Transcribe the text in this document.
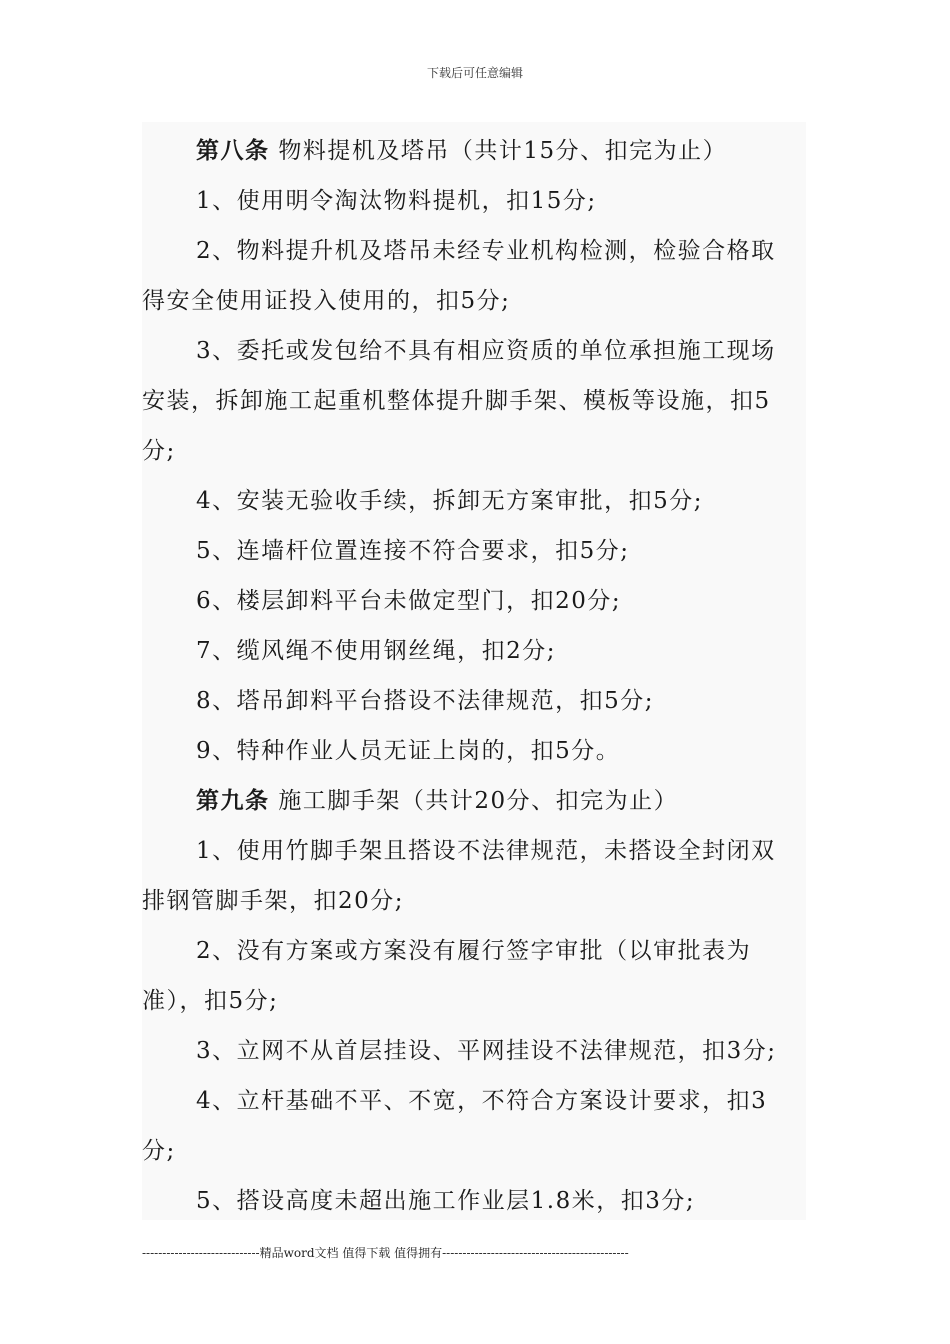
下载后可任意编辑
第八条 物料提机及塔吊（共计15分、扣完为止）
1、使用明令淘汰物料提机，扣15分;
2、物料提升机及塔吊未经专业机构检测，检验合格取
得安全使用证投入使用的，扣5分;
3、委托或发包给不具有相应资质的单位承担施工现场
安装，拆卸施工起重机整体提升脚手架、模板等设施，扣5
分;
4、安装无验收手续，拆卸无方案审批，扣5分;
5、连墙杆位置连接不符合要求，扣5分;
6、楼层卸料平台未做定型门，扣20分;
7、缆风绳不使用钢丝绳，扣2分;
8、塔吊卸料平台搭设不法律规范，扣5分;
9、特种作业人员无证上岗的，扣5分。
第九条 施工脚手架（共计20分、扣完为止）
1、使用竹脚手架且搭设不法律规范，未搭设全封闭双
排钢管脚手架，扣20分;
2、没有方案或方案没有履行签字审批（以审批表为
准），扣5分;
3、立网不从首层挂设、平网挂设不法律规范，扣3分;
4、立杆基础不平、不宽，不符合方案设计要求，扣3
分;
5、搭设高度未超出施工作业层1.8米，扣3分;
-----------------------------精品word文档 值得下载 值得拥有----------------------------------------------
